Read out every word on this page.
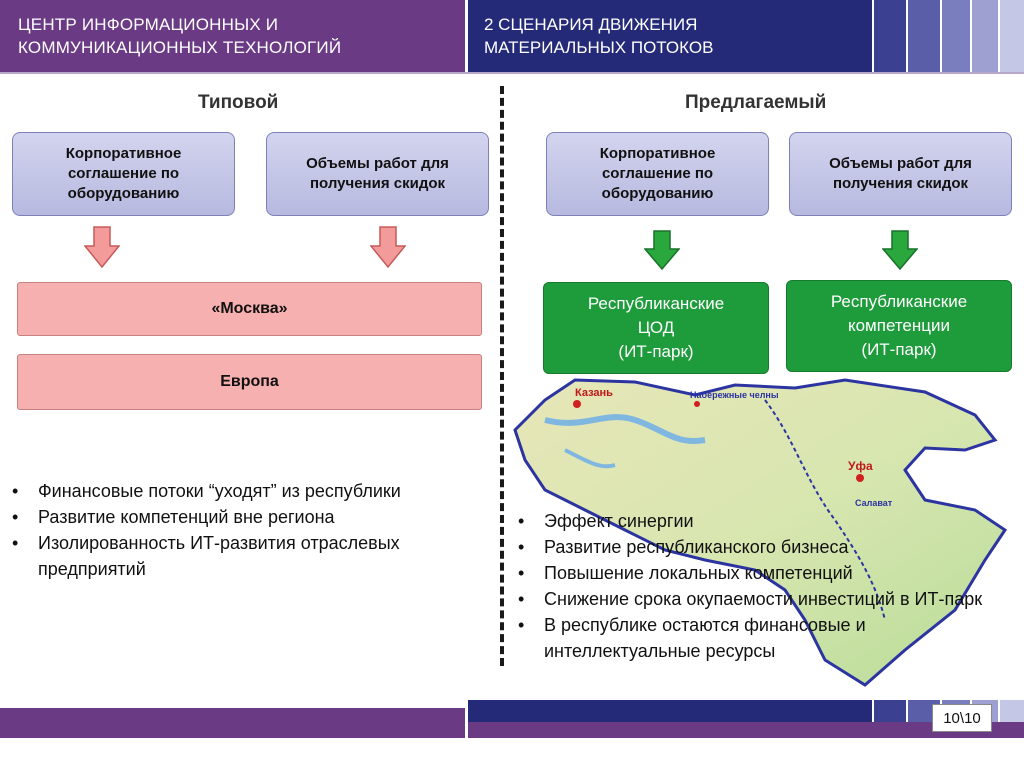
ЦЕНТР ИНФОРМАЦИОННЫХ И
КОММУНИКАЦИОННЫХ ТЕХНОЛОГИЙ
2 СЦЕНАРИЯ ДВИЖЕНИЯ
МАТЕРИАЛЬНЫХ ПОТОКОВ
Типовой	Предлагаемый
Корпоративное
соглашение по
оборудованию
Объемы работ для
получения скидок
«Москва»
Европа
• Финансовые потоки “уходят” из республики
• Развитие компетенций вне региона
• Изолированность ИТ-развития отраслевых предприятий
Казань	Набережные челны
Уфа
Салават
Корпоративное
соглашение по
оборудованию
Объемы работ для
получения скидок
Республиканские
ЦОД
(ИТ-парк)
Республиканские
компетенции
(ИТ-парк)
• Эффект синергии
• Развитие республиканского бизнеса
• Повышение локальных компетенций
• Снижение срока окупаемости инвестиций в ИТ-парк
• В республике остаются финансовые и интеллектуальные ресурсы
10\10
